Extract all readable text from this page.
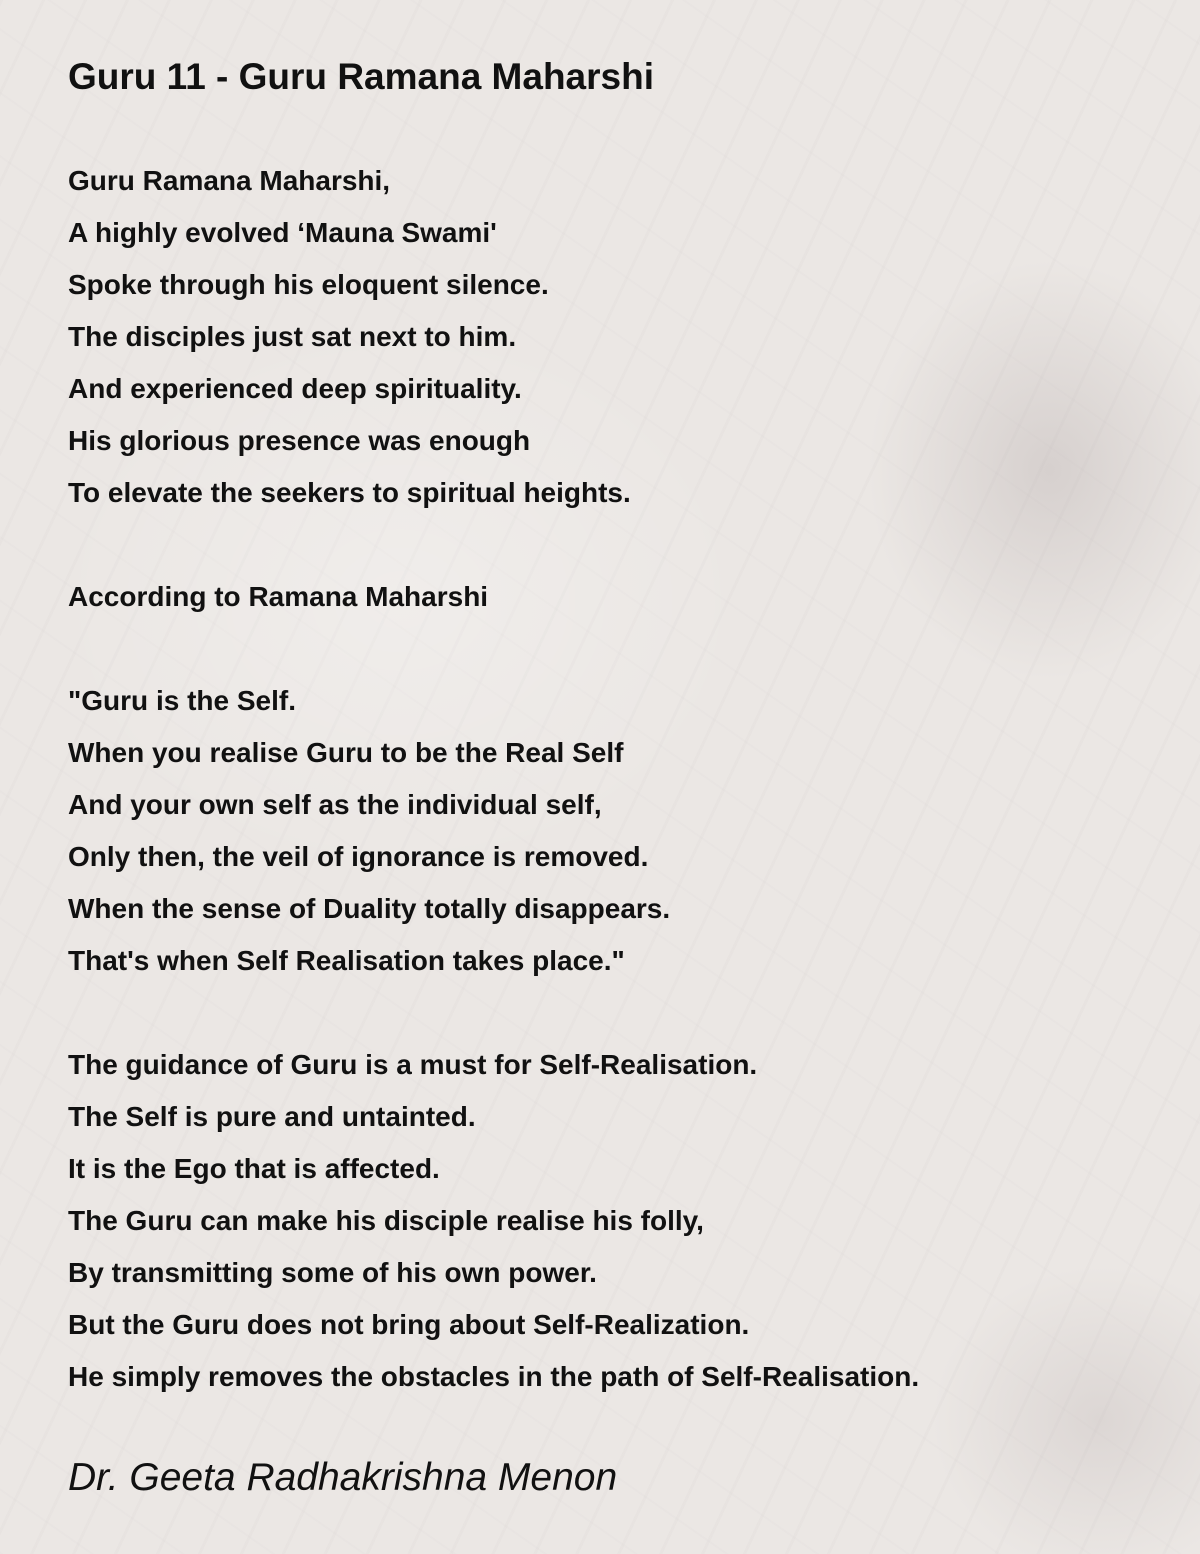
Guru 11 - Guru Ramana Maharshi
Guru Ramana Maharshi,
A highly evolved ‘Mauna Swami'
Spoke through his eloquent silence.
The disciples just sat next to him.
And experienced deep spirituality.
His glorious presence was enough
To elevate the seekers to spiritual heights.
According to Ramana Maharshi
"Guru is the Self.
When you realise Guru to be the Real Self
And your own self as the individual self,
Only then, the veil of ignorance is removed.
When the sense of Duality totally disappears.
That's when Self Realisation takes place."
The guidance of Guru is a must for Self-Realisation.
The Self is pure and untainted.
It is the Ego that is affected.
The Guru can make his disciple realise his folly,
By transmitting some of his own power.
But the Guru does not bring about Self-Realization.
He simply removes the obstacles in the path of Self-Realisation.
Dr. Geeta Radhakrishna Menon
